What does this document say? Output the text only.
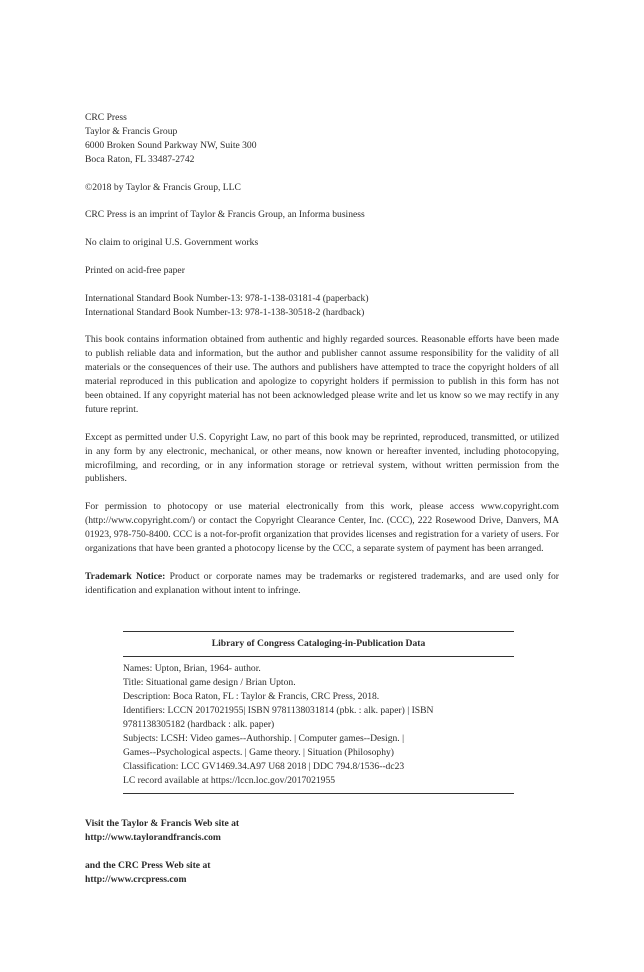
CRC Press
Taylor & Francis Group
6000 Broken Sound Parkway NW, Suite 300
Boca Raton, FL 33487-2742
©2018 by Taylor & Francis Group, LLC
CRC Press is an imprint of Taylor & Francis Group, an Informa business
No claim to original U.S. Government works
Printed on acid-free paper
International Standard Book Number-13: 978-1-138-03181-4 (paperback)
International Standard Book Number-13: 978-1-138-30518-2 (hardback)

This book contains information obtained from authentic and highly regarded sources. Reasonable efforts have been made to publish reliable data and information, but the author and publisher cannot assume responsibility for the validity of all materials or the consequences of their use. The authors and publishers have attempted to trace the copyright holders of all material reproduced in this publication and apologize to copyright holders if permission to publish in this form has not been obtained. If any copyright material has not been acknowledged please write and let us know so we may rectify in any future reprint.

Except as permitted under U.S. Copyright Law, no part of this book may be reprinted, reproduced, transmitted, or utilized in any form by any electronic, mechanical, or other means, now known or hereafter invented, including photocopying, microfilming, and recording, or in any information storage or retrieval system, without written permission from the publishers.

For permission to photocopy or use material electronically from this work, please access www.copyright.com (http://www.copyright.com/) or contact the Copyright Clearance Center, Inc. (CCC), 222 Rosewood Drive, Danvers, MA 01923, 978-750-8400. CCC is a not-for-profit organization that provides licenses and registration for a variety of users. For organizations that have been granted a photocopy license by the CCC, a separate system of payment has been arranged.

Trademark Notice: Product or corporate names may be trademarks or registered trademarks, and are used only for identification and explanation without intent to infringe.

Library of Congress Cataloging-in-Publication Data
Names: Upton, Brian, 1964- author.
Title: Situational game design / Brian Upton.
Description: Boca Raton, FL : Taylor & Francis, CRC Press, 2018.
Identifiers: LCCN 2017021955| ISBN 9781138031814 (pbk. : alk. paper) | ISBN
9781138305182 (hardback : alk. paper)
Subjects: LCSH: Video games--Authorship. | Computer games--Design. |
Games--Psychological aspects. | Game theory. | Situation (Philosophy)
Classification: LCC GV1469.34.A97 U68 2018 | DDC 794.8/1536--dc23
LC record available at https://lccn.loc.gov/2017021955
Visit the Taylor & Francis Web site at
http://www.taylorandfrancis.com
and the CRC Press Web site at
http://www.crcpress.com
